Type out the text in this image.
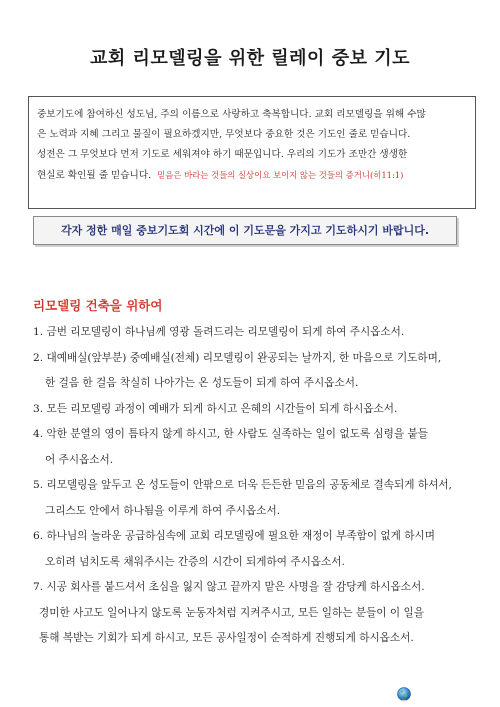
교회 리모델링을 위한 릴레이 중보 기도
중보기도에 참여하신 성도님, 주의 이름으로 사랑하고 축복합니다. 교회 리모델링을 위해 수많
은 노력과 지혜 그리고 물질이 필요하겠지만, 무엇보다 중요한 것은 기도인 줄로 믿습니다.
성전은 그 무엇보다 먼저 기도로 세워져야 하기 때문입니다. 우리의 기도가 조만간 생생한
현실로 확인될 줄 믿습니다. 믿음은 바라는 것들의 실상이요 보이지 않는 것들의 증거니(히11:1)
각자 정한 매일 중보기도회 시간에 이 기도문을 가지고 기도하시기 바랍니다.
리모델링 건축을 위하여
1. 금번 리모델링이 하나님께 영광 돌려드리는 리모델링이 되게 하여 주시옵소서.
2. 대예배실(앞부분) 중예배실(전체) 리모델링이 완공되는 날까지, 한 마음으로 기도하며,
한 걸음 한 걸음 착실히 나아가는 온 성도들이 되게 하여 주시옵소서.
3. 모든 리모델링 과정이 예배가 되게 하시고 은혜의 시간들이 되게 하시옵소서.
4. 악한 분열의 영이 틈타지 않게 하시고, 한 사람도 실족하는 일이 없도록 심령을 붙들
어 주시옵소서.
5. 리모델링을 앞두고 온 성도들이 안팎으로 더욱 든든한 믿음의 공동체로 결속되게 하셔서,
그리스도 안에서 하나됨을 이루게 하여 주시옵소서.
6. 하나님의 놀라운 공급하심속에 교회 리모델링에 필요한 재정이 부족함이 없게 하시며
오히려 넘치도록 채워주시는 간증의 시간이 되게하여 주시옵소서.
7. 시공 회사를 붙드셔서 초심을 잃지 않고 끝까지 맡은 사명을 잘 감당케 하시옵소서.
경미한 사고도 일어나지 않도록 눈동자처럼 지켜주시고, 모든 일하는 분들이 이 일을
통해 복받는 기회가 되게 하시고, 모든 공사일정이 순적하게 진행되게 하시옵소서.
